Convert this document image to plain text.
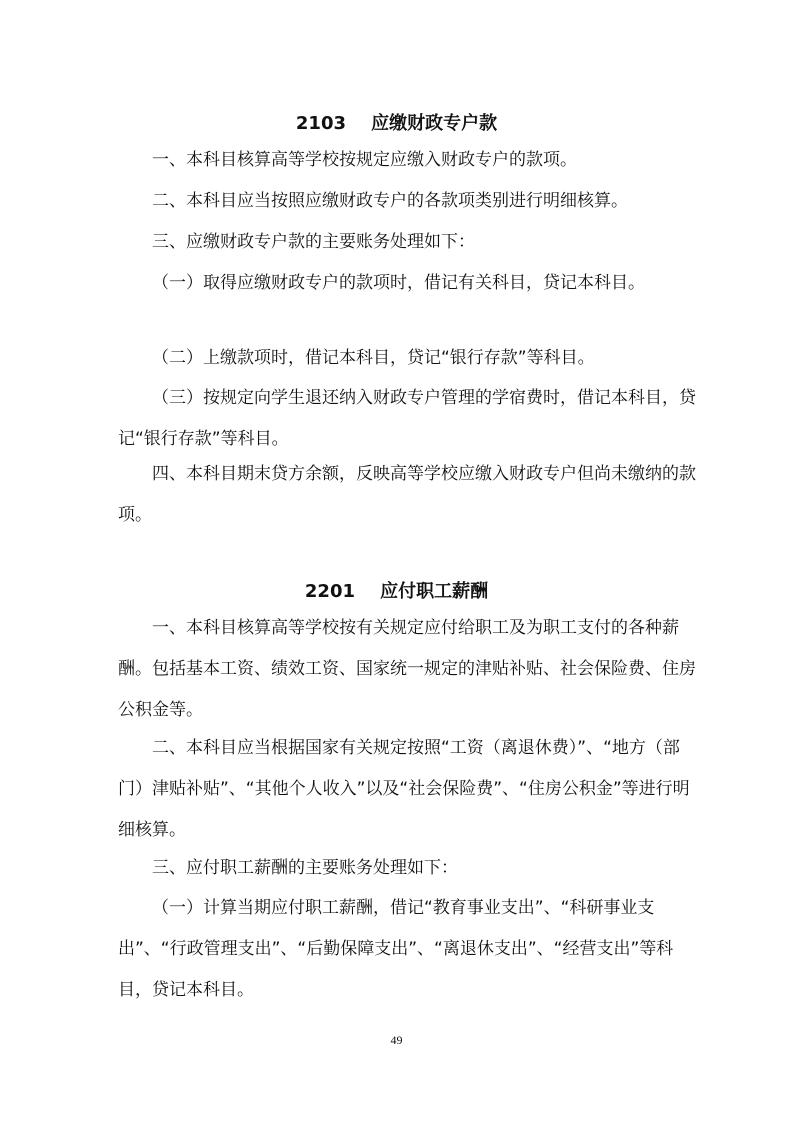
2103 应缴财政专户款

一、本科目核算高等学校按规定应缴入财政专户的款项。

二、本科目应当按照应缴财政专户的各款项类别进行明细核算。

三、应缴财政专户款的主要账务处理如下：

（一）取得应缴财政专户的款项时，借记有关科目，贷记本科目。

（二）上缴款项时，借记本科目，贷记“银行存款”等科目。

（三）按规定向学生退还纳入财政专户管理的学宿费时，借记本科目，贷记“银行存款”等科目。

四、本科目期末贷方余额，反映高等学校应缴入财政专户但尚未缴纳的款项。

2201 应付职工薪酬

一、本科目核算高等学校按有关规定应付给职工及为职工支付的各种薪酬。包括基本工资、绩效工资、国家统一规定的津贴补贴、社会保险费、住房公积金等。

二、本科目应当根据国家有关规定按照“工资（离退休费）”、“地方（部门）津贴补贴”、“其他个人收入”以及“社会保险费”、“住房公积金”等进行明细核算。

三、应付职工薪酬的主要账务处理如下：

（一）计算当期应付职工薪酬，借记“教育事业支出”、“科研事业支出”、“行政管理支出”、“后勤保障支出”、“离退休支出”、“经营支出”等科目，贷记本科目。

49
